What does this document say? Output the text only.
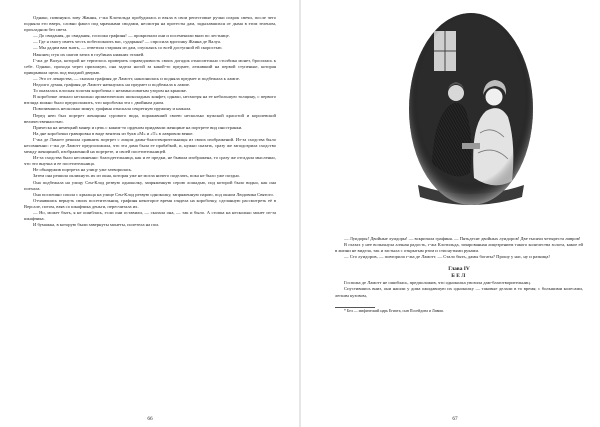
Однако, повинуясь зову Жанны, г-жа Клотильда пробудилась и взяла в свои репестовые ручки огарок свечи, после чего подняла его вверх, словно факел под мрачными сводами, несмотря на протесты дам, задыхавшихся от дыма в этом зеленом, прохладном без света.

— До свидания, до свидания, госпожа графиня! — прокричали они и посеменили вниз по лестнице.

— Где я смогу иметь честь побеспокоить вас, сударыня? — спросила вдогонку Жанна де Валуа.

— Мы дадим вам знать, — ответила старшая из дам, спускаясь со всей доступной ей скоростью.

Наконец стук их шагов затих в глубинах нижних этажей.

Г-жа де Валуа, которой не терпелось проверить справедливость своих догадок относительно столбика монет, бросилась к себе. Однако, проходя через прихожую, она задела ногой за какой-то предмет, лежавший на первой ступеньке, которая прикрывала щель под входной дверью.

— Это от лекарства, — сказала графиня де Ламотт, наклонилась и подняла предмет и подбежала к лампе.

Недолго думая, графиня де Ламотт наткнулась на предмет и подбежала к лампе.

То оказалась плоская золотая коробочка с незамысловатым узором на крышке.

В коробочке лежало несколько ароматических шоколадных конфет, однако, несмотря на ее небольшую толщину, с первого взгляда можно было предположить, что коробочка эта с двойным дном.

Повозившись несколько минут, графиня отыскала секретную пружину и нажала.

Перед нею был портрет женщины сурового вида, поражавший своею несколько мужской красотой и королевской величественностью.

Прическа на немецкий манер и цепь с каким-то орденом придавали женщине на портрете вид иностранки.

На дне коробочки гравировка в виде вензеля из букв «М» и «Т» в лавровом венке.

Г-жа де Ламотт решила сравнить портрет с лицом дамы-благотворительницы из своих изображений. Из-за сходства было несомненно: г-жа де Ламотт предположила, что эта дама была ее прабабкой, и, нужно сказать, сразу же заподозрила сходство между женщиной, изображенной на портрете, и своей посетительницей.

Из-за сходства было несомненно: благодетельница, как и ее предки, не бывала изображена, то сразу же отгадала мысленно, что это внучка и ее посетительница.

Не обнаружив портрета на улицу уже затворилась.

Затем она решила окликнуть их из окна, которая уже не могла ничего поделать, пока не было уже поздно.

Она подбежала на улицу Сен-Клод резвую одноколку, запряженную серою лошадью, под которой было видно, как она поехала.

Она поспешно сошла с крыльца на улице Сен-Клод резвую одноколку, запряженную парою, под окном Людовика Святого.

Отчаявшись вернуть своих посетительниц, графиня некоторое время глядела на коробочку, сделанную рассмотреть её в Версале, потом, взяв со шкафчика деньги, пересчитала их.

— Но, может быть, я не ошиблась, если они оставили, — сказала она, — так и было. А стопка на несколько монет из-за шкафчика.

И бумажка, в которую были завернуты монеты, полетела на пол.

66

— Луидоры! Двойные луидоры! — вскричала графиня. — Пятьдесят двойных луидоров! Две тысячи четыреста ливров!

В глазах у нее вспыхнула алчная радость, г-жа Клотильда, зачарованная лицезрением такого количества золота, какое ей в жизни не видела, так и застыла с открытым ртом и стиснутыми руками.

— Сто луидоров, — повторила г-жа де Ламотт. — Стало быть, дамы богаты? Прошу у нас, ну и разница!

Глава IV

БЕЛ

Госпожа де Ламотт не ошиблась, предположив, что одноколка увозила дам-благотворительниц.

Спустившись вниз, они нашли у дома ожидавшую их одноколку — таковые делали в то время; с большими колесами, легким кузовом,

* Бел — мифический царь Египта, сын Посейдона и Ливии.

67
